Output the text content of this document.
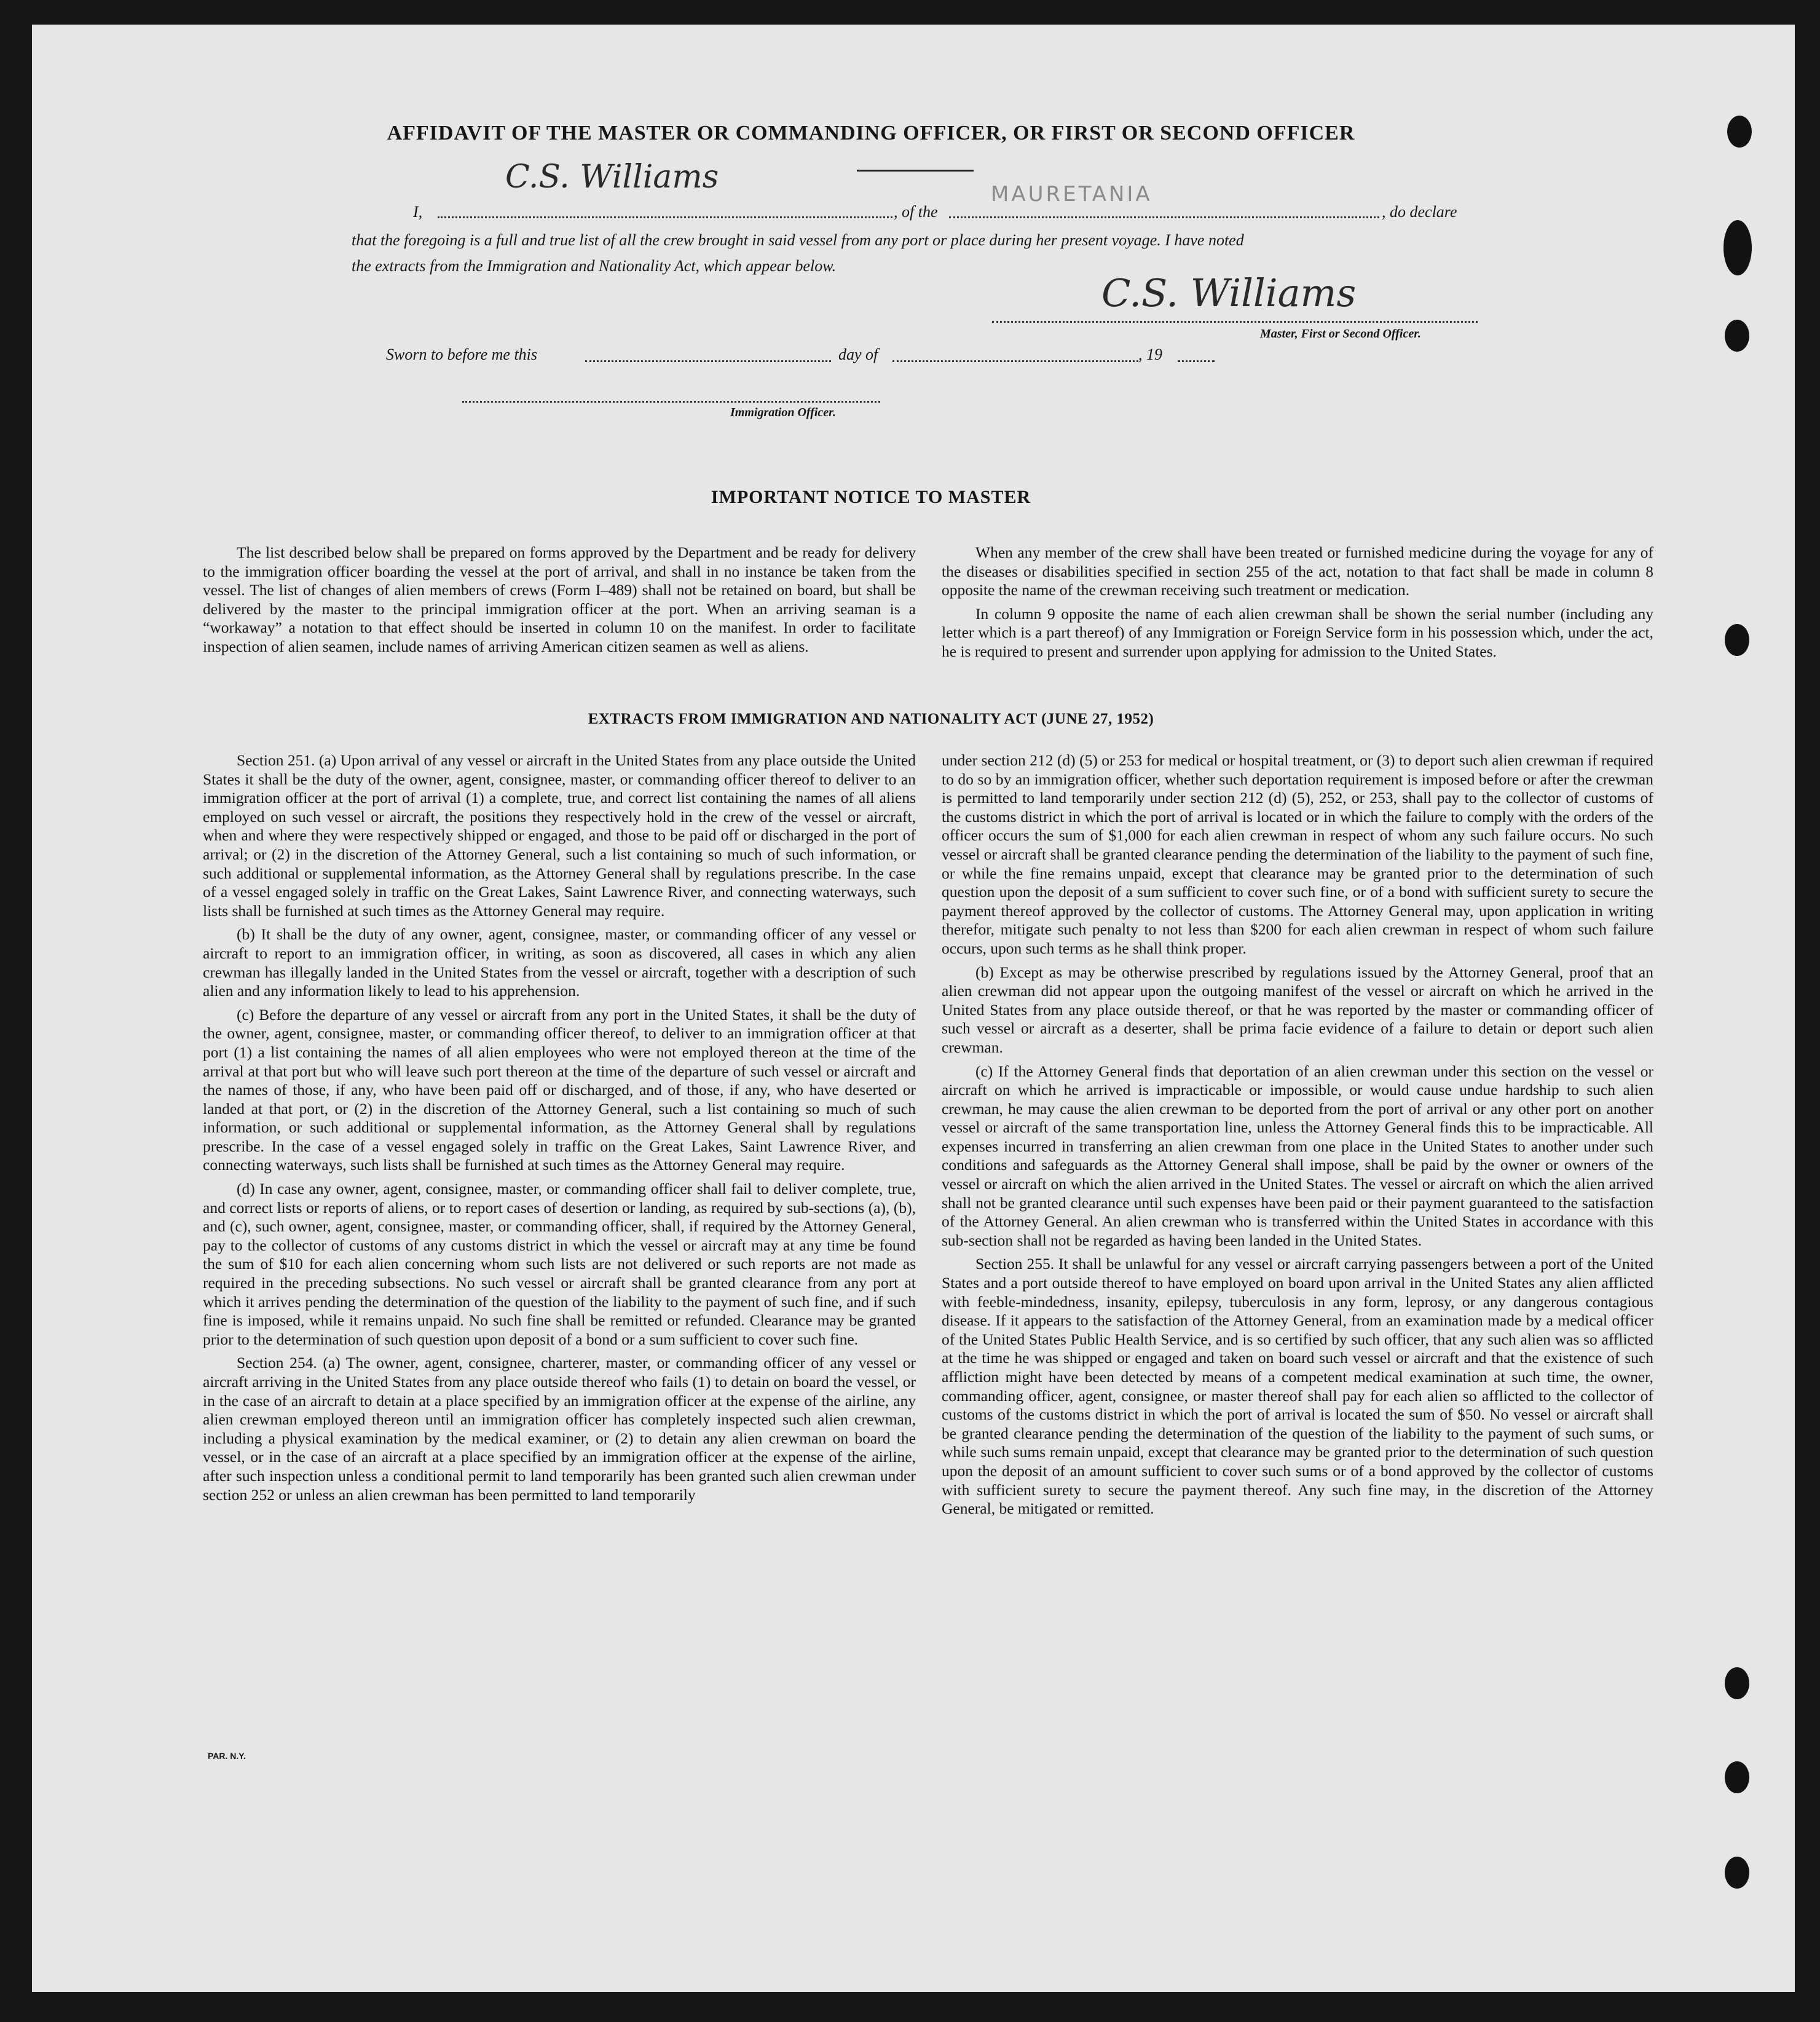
AFFIDAVIT OF THE MASTER OR COMMANDING OFFICER, OR FIRST OR SECOND OFFICER
C.S. Williams
I,	, of the
MAURETANIA
, do declare
that the foregoing is a full and true list of all the crew brought in said vessel from any port or place during her present voyage. I have noted
the extracts from the Immigration and Nationality Act, which appear below.
C.S. Williams
Master, First or Second Officer.
Sworn to before me this	day of	, 19
Immigration Officer.
IMPORTANT NOTICE TO MASTER

The list described below shall be prepared on forms approved by the Department and be ready for delivery to the immigration officer boarding the vessel at the port of arrival, and shall in no instance be taken from the vessel. The list of changes of alien members of crews (Form I–489) shall not be retained on board, but shall be delivered by the master to the principal immigration officer at the port. When an arriving seaman is a “workaway” a notation to that effect should be inserted in column 10 on the manifest. In order to facilitate inspection of alien seamen, include names of arriving American citizen seamen as well as aliens.

When any member of the crew shall have been treated or furnished medicine during the voyage for any of the diseases or disabilities specified in section 255 of the act, notation to that fact shall be made in column 8 opposite the name of the crewman receiving such treatment or medication.

In column 9 opposite the name of each alien crewman shall be shown the serial number (including any letter which is a part thereof) of any Immigration or Foreign Service form in his possession which, under the act, he is required to present and surrender upon applying for admission to the United States.

EXTRACTS FROM IMMIGRATION AND NATIONALITY ACT (JUNE 27, 1952)

Section 251. (a) Upon arrival of any vessel or aircraft in the United States from any place outside the United States it shall be the duty of the owner, agent, consignee, master, or commanding officer thereof to deliver to an immigration officer at the port of arrival (1) a complete, true, and correct list containing the names of all aliens employed on such vessel or aircraft, the positions they respectively hold in the crew of the vessel or aircraft, when and where they were respectively shipped or engaged, and those to be paid off or discharged in the port of arrival; or (2) in the discretion of the Attorney General, such a list containing so much of such information, or such additional or supplemental information, as the Attorney General shall by regulations prescribe. In the case of a vessel engaged solely in traffic on the Great Lakes, Saint Lawrence River, and connecting waterways, such lists shall be furnished at such times as the Attorney General may require.

(b) It shall be the duty of any owner, agent, consignee, master, or commanding officer of any vessel or aircraft to report to an immigration officer, in writing, as soon as discovered, all cases in which any alien crewman has illegally landed in the United States from the vessel or aircraft, together with a description of such alien and any information likely to lead to his apprehension.

(c) Before the departure of any vessel or aircraft from any port in the United States, it shall be the duty of the owner, agent, consignee, master, or commanding officer thereof, to deliver to an immigration officer at that port (1) a list containing the names of all alien employees who were not employed thereon at the time of the arrival at that port but who will leave such port thereon at the time of the departure of such vessel or aircraft and the names of those, if any, who have been paid off or discharged, and of those, if any, who have deserted or landed at that port, or (2) in the discretion of the Attorney General, such a list containing so much of such information, or such additional or supplemental information, as the Attorney General shall by regulations prescribe. In the case of a vessel engaged solely in traffic on the Great Lakes, Saint Lawrence River, and connecting waterways, such lists shall be furnished at such times as the Attorney General may require.

(d) In case any owner, agent, consignee, master, or commanding officer shall fail to deliver complete, true, and correct lists or reports of aliens, or to report cases of desertion or landing, as required by sub-sections (a), (b), and (c), such owner, agent, consignee, master, or commanding officer, shall, if required by the Attorney General, pay to the collector of customs of any customs district in which the vessel or aircraft may at any time be found the sum of $10 for each alien concerning whom such lists are not delivered or such reports are not made as required in the preceding subsections. No such vessel or aircraft shall be granted clearance from any port at which it arrives pending the determination of the question of the liability to the payment of such fine, and if such fine is imposed, while it remains unpaid. No such fine shall be remitted or refunded. Clearance may be granted prior to the determination of such question upon deposit of a bond or a sum sufficient to cover such fine.

Section 254. (a) The owner, agent, consignee, charterer, master, or commanding officer of any vessel or aircraft arriving in the United States from any place outside thereof who fails (1) to detain on board the vessel, or in the case of an aircraft to detain at a place specified by an immigration officer at the expense of the airline, any alien crewman employed thereon until an immigration officer has completely inspected such alien crewman, including a physical examination by the medical examiner, or (2) to detain any alien crewman on board the vessel, or in the case of an aircraft at a place specified by an immigration officer at the expense of the airline, after such inspection unless a conditional permit to land temporarily has been granted such alien crewman under section 252 or unless an alien crewman has been permitted to land temporarily

under section 212 (d) (5) or 253 for medical or hospital treatment, or (3) to deport such alien crewman if required to do so by an immigration officer, whether such deportation requirement is imposed before or after the crewman is permitted to land temporarily under section 212 (d) (5), 252, or 253, shall pay to the collector of customs of the customs district in which the port of arrival is located or in which the failure to comply with the orders of the officer occurs the sum of $1,000 for each alien crewman in respect of whom any such failure occurs. No such vessel or aircraft shall be granted clearance pending the determination of the liability to the payment of such fine, or while the fine remains unpaid, except that clearance may be granted prior to the determination of such question upon the deposit of a sum sufficient to cover such fine, or of a bond with sufficient surety to secure the payment thereof approved by the collector of customs. The Attorney General may, upon application in writing therefor, mitigate such penalty to not less than $200 for each alien crewman in respect of whom such failure occurs, upon such terms as he shall think proper.

(b) Except as may be otherwise prescribed by regulations issued by the Attorney General, proof that an alien crewman did not appear upon the outgoing manifest of the vessel or aircraft on which he arrived in the United States from any place outside thereof, or that he was reported by the master or commanding officer of such vessel or aircraft as a deserter, shall be prima facie evidence of a failure to detain or deport such alien crewman.

(c) If the Attorney General finds that deportation of an alien crewman under this section on the vessel or aircraft on which he arrived is impracticable or impossible, or would cause undue hardship to such alien crewman, he may cause the alien crewman to be deported from the port of arrival or any other port on another vessel or aircraft of the same transportation line, unless the Attorney General finds this to be impracticable. All expenses incurred in transferring an alien crewman from one place in the United States to another under such conditions and safeguards as the Attorney General shall impose, shall be paid by the owner or owners of the vessel or aircraft on which the alien arrived in the United States. The vessel or aircraft on which the alien arrived shall not be granted clearance until such expenses have been paid or their payment guaranteed to the satisfaction of the Attorney General. An alien crewman who is transferred within the United States in accordance with this sub-section shall not be regarded as having been landed in the United States.

Section 255. It shall be unlawful for any vessel or aircraft carrying passengers between a port of the United States and a port outside thereof to have employed on board upon arrival in the United States any alien afflicted with feeble-mindedness, insanity, epilepsy, tuberculosis in any form, leprosy, or any dangerous contagious disease. If it appears to the satisfaction of the Attorney General, from an examination made by a medical officer of the United States Public Health Service, and is so certified by such officer, that any such alien was so afflicted at the time he was shipped or engaged and taken on board such vessel or aircraft and that the existence of such affliction might have been detected by means of a competent medical examination at such time, the owner, commanding officer, agent, consignee, or master thereof shall pay for each alien so afflicted to the collector of customs of the customs district in which the port of arrival is located the sum of $50. No vessel or aircraft shall be granted clearance pending the determination of the question of the liability to the payment of such sums, or while such sums remain unpaid, except that clearance may be granted prior to the determination of such question upon the deposit of an amount sufficient to cover such sums or of a bond approved by the collector of customs with sufficient surety to secure the payment thereof. Any such fine may, in the discretion of the Attorney General, be mitigated or remitted.

PAR. N.Y.
